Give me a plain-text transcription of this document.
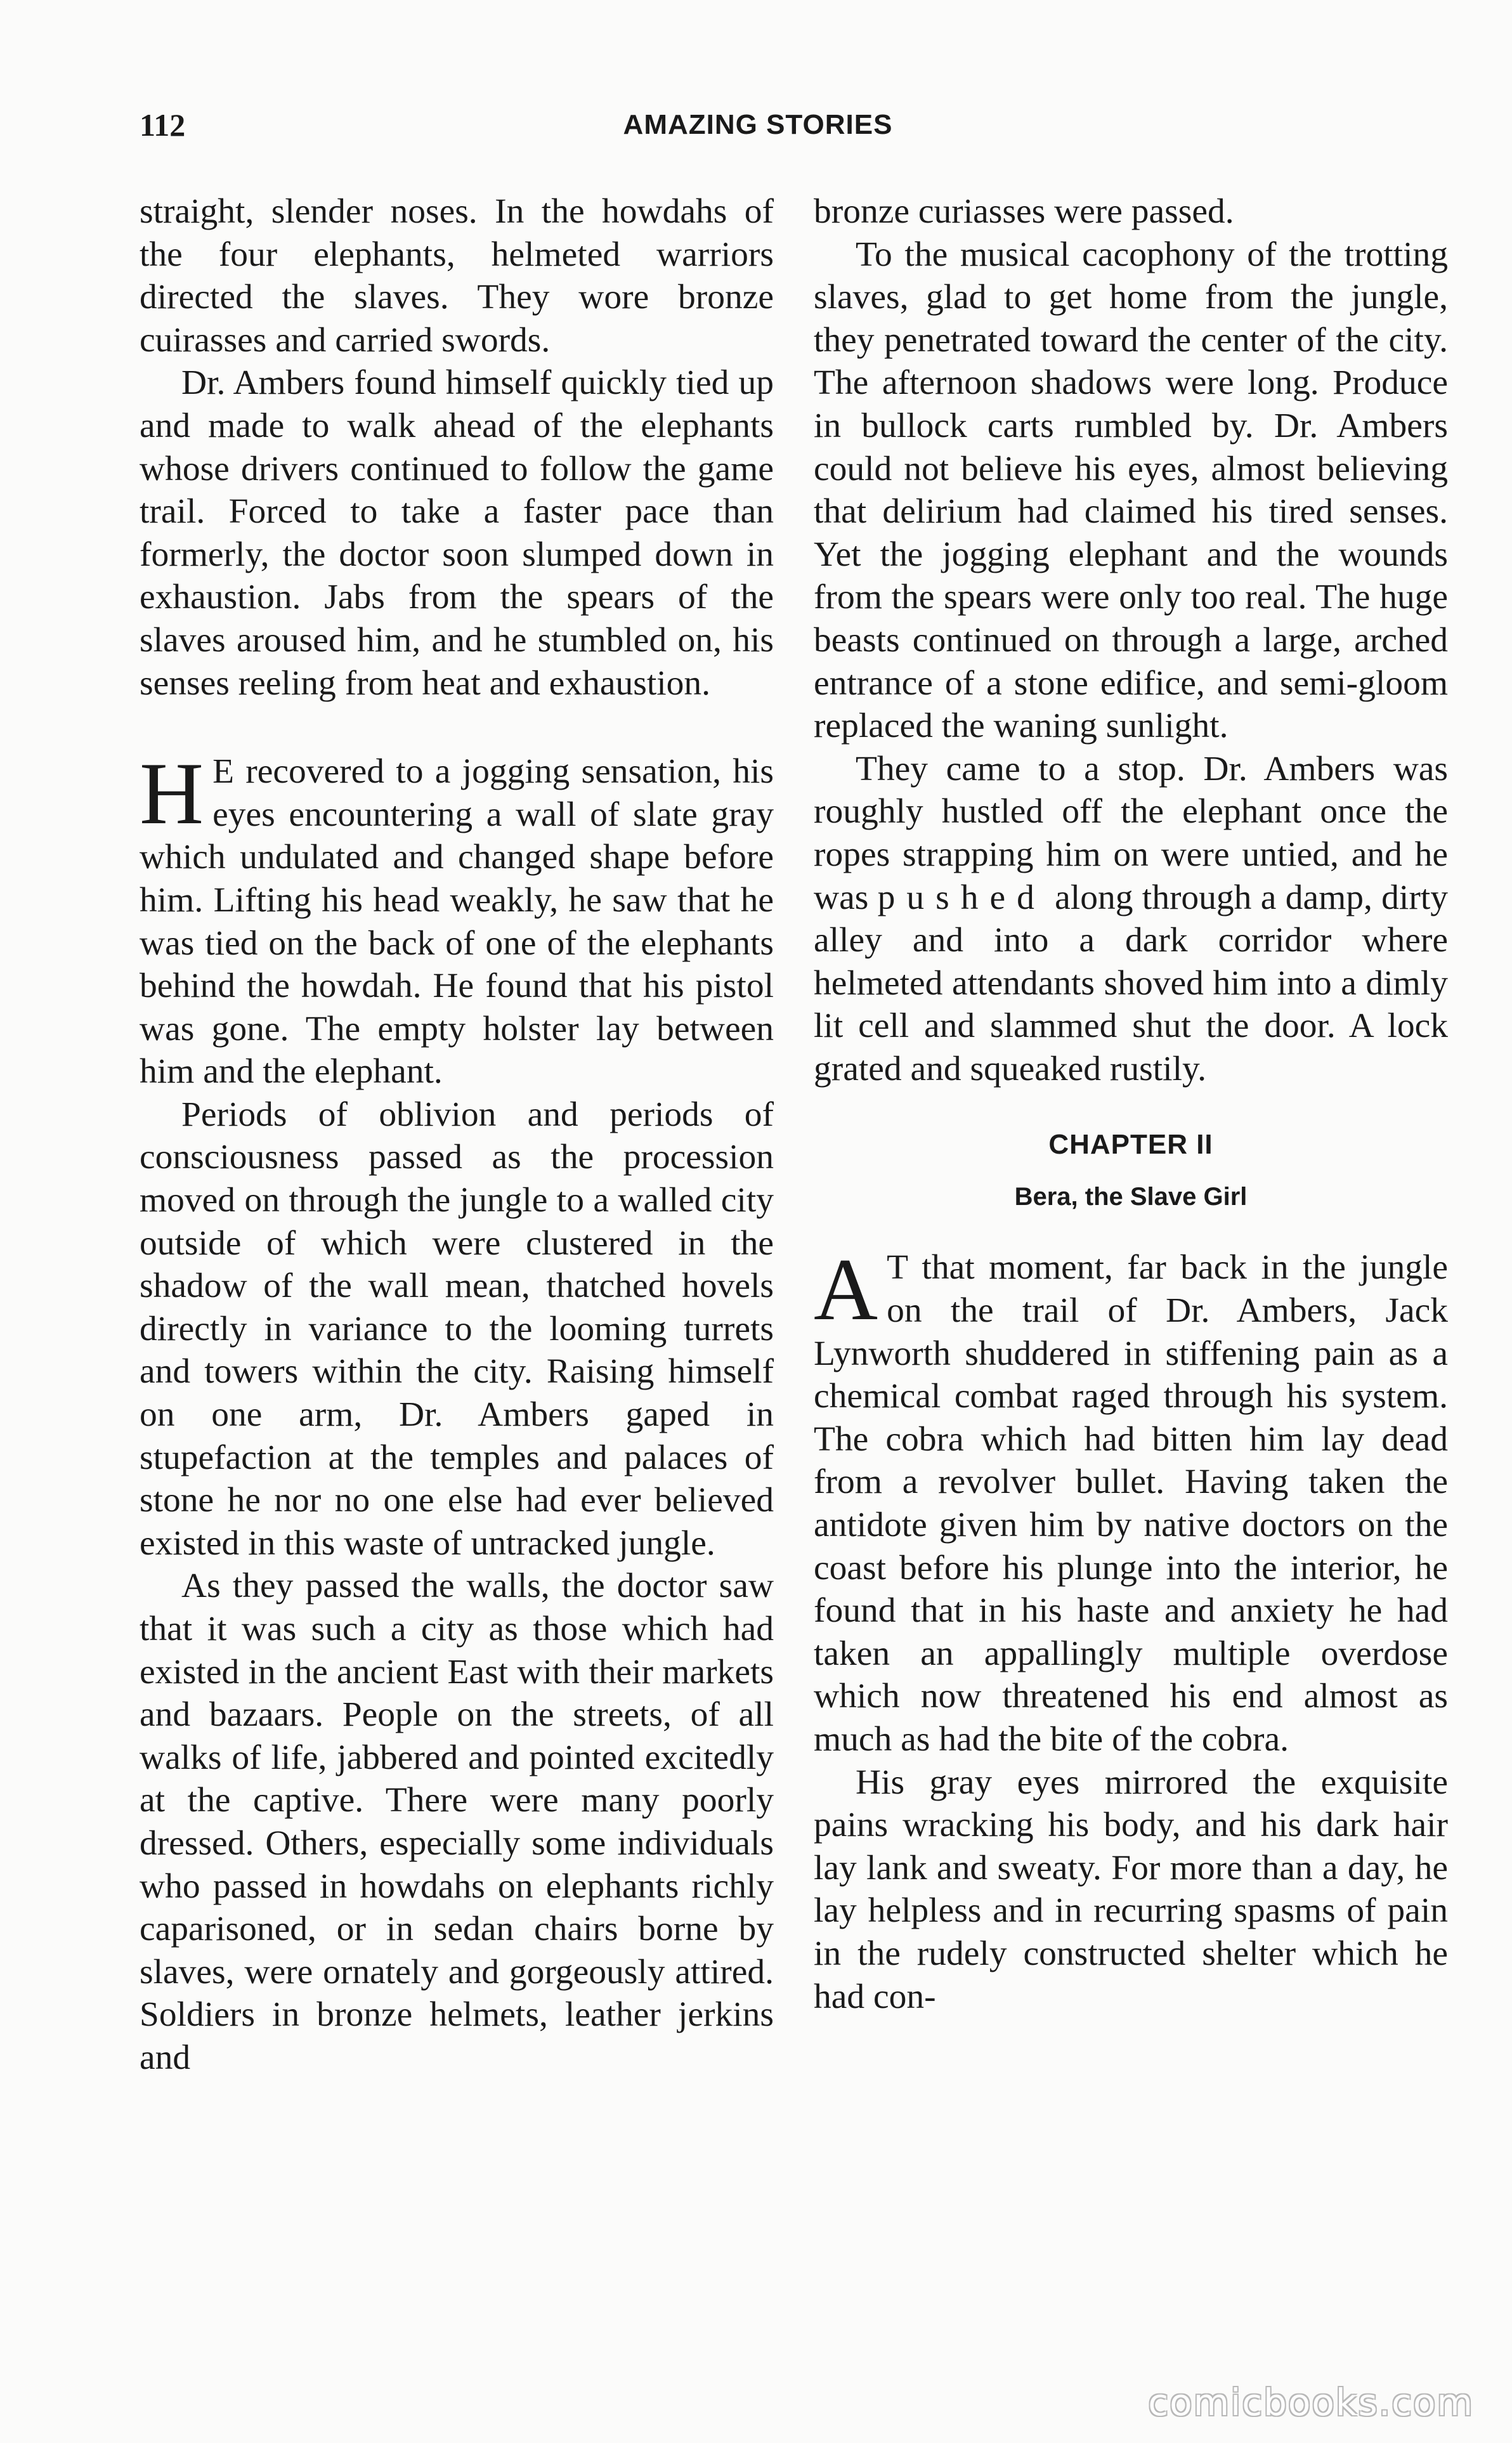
112	AMAZING STORIES

straight, slender noses. In the howdahs of the four elephants, helmeted warriors directed the slaves. They wore bronze cuirasses and carried swords.

Dr. Ambers found himself quickly tied up and made to walk ahead of the elephants whose drivers continued to follow the game trail. Forced to take a faster pace than formerly, the doctor soon slumped down in exhaustion. Jabs from the spears of the slaves aroused him, and he stumbled on, his senses reeling from heat and exhaustion.

H E recovered to a jogging sensation, his eyes encountering a wall of slate gray which undulated and changed shape before him. Lifting his head weakly, he saw that he was tied on the back of one of the elephants behind the howdah. He found that his pistol was gone. The empty holster lay between him and the elephant.

Periods of oblivion and periods of consciousness passed as the procession moved on through the jungle to a walled city outside of which were clustered in the shadow of the wall mean, thatched hovels directly in variance to the looming turrets and towers within the city. Raising himself on one arm, Dr. Ambers gaped in stupefaction at the temples and palaces of stone he nor no one else had ever believed existed in this waste of untracked jungle.

As they passed the walls, the doctor saw that it was such a city as those which had existed in the ancient East with their markets and bazaars. People on the streets, of all walks of life, jabbered and pointed excitedly at the captive. There were many poorly dressed. Others, especially some individuals who passed in howdahs on elephants richly caparisoned, or in sedan chairs borne by slaves, were ornately and gorgeously attired. Soldiers in bronze helmets, leather jerkins and

bronze curiasses were passed.

To the musical cacophony of the trotting slaves, glad to get home from the jungle, they penetrated toward the center of the city. The afternoon shadows were long. Produce in bullock carts rumbled by. Dr. Ambers could not believe his eyes, almost believing that delirium had claimed his tired senses. Yet the jogging elephant and the wounds from the spears were only too real. The huge beasts continued on through a large, arched entrance of a stone edifice, and semi-gloom replaced the waning sunlight.

They came to a stop. Dr. Ambers was roughly hustled off the elephant once the ropes strapping him on were untied, and he was pushed along through a damp, dirty alley and into a dark corridor where helmeted attendants shoved him into a dimly lit cell and slammed shut the door. A lock grated and squeaked rustily.

CHAPTER II
Bera, the Slave Girl

A T that moment, far back in the jungle on the trail of Dr. Ambers, Jack Lynworth shuddered in stiffening pain as a chemical combat raged through his system. The cobra which had bitten him lay dead from a revolver bullet. Having taken the antidote given him by native doctors on the coast before his plunge into the interior, he found that in his haste and anxiety he had taken an appallingly multiple overdose which now threatened his end almost as much as had the bite of the cobra.

His gray eyes mirrored the exquisite pains wracking his body, and his dark hair lay lank and sweaty. For more than a day, he lay helpless and in recurring spasms of pain in the rudely constructed shelter which he had con-

comicbooks.com
